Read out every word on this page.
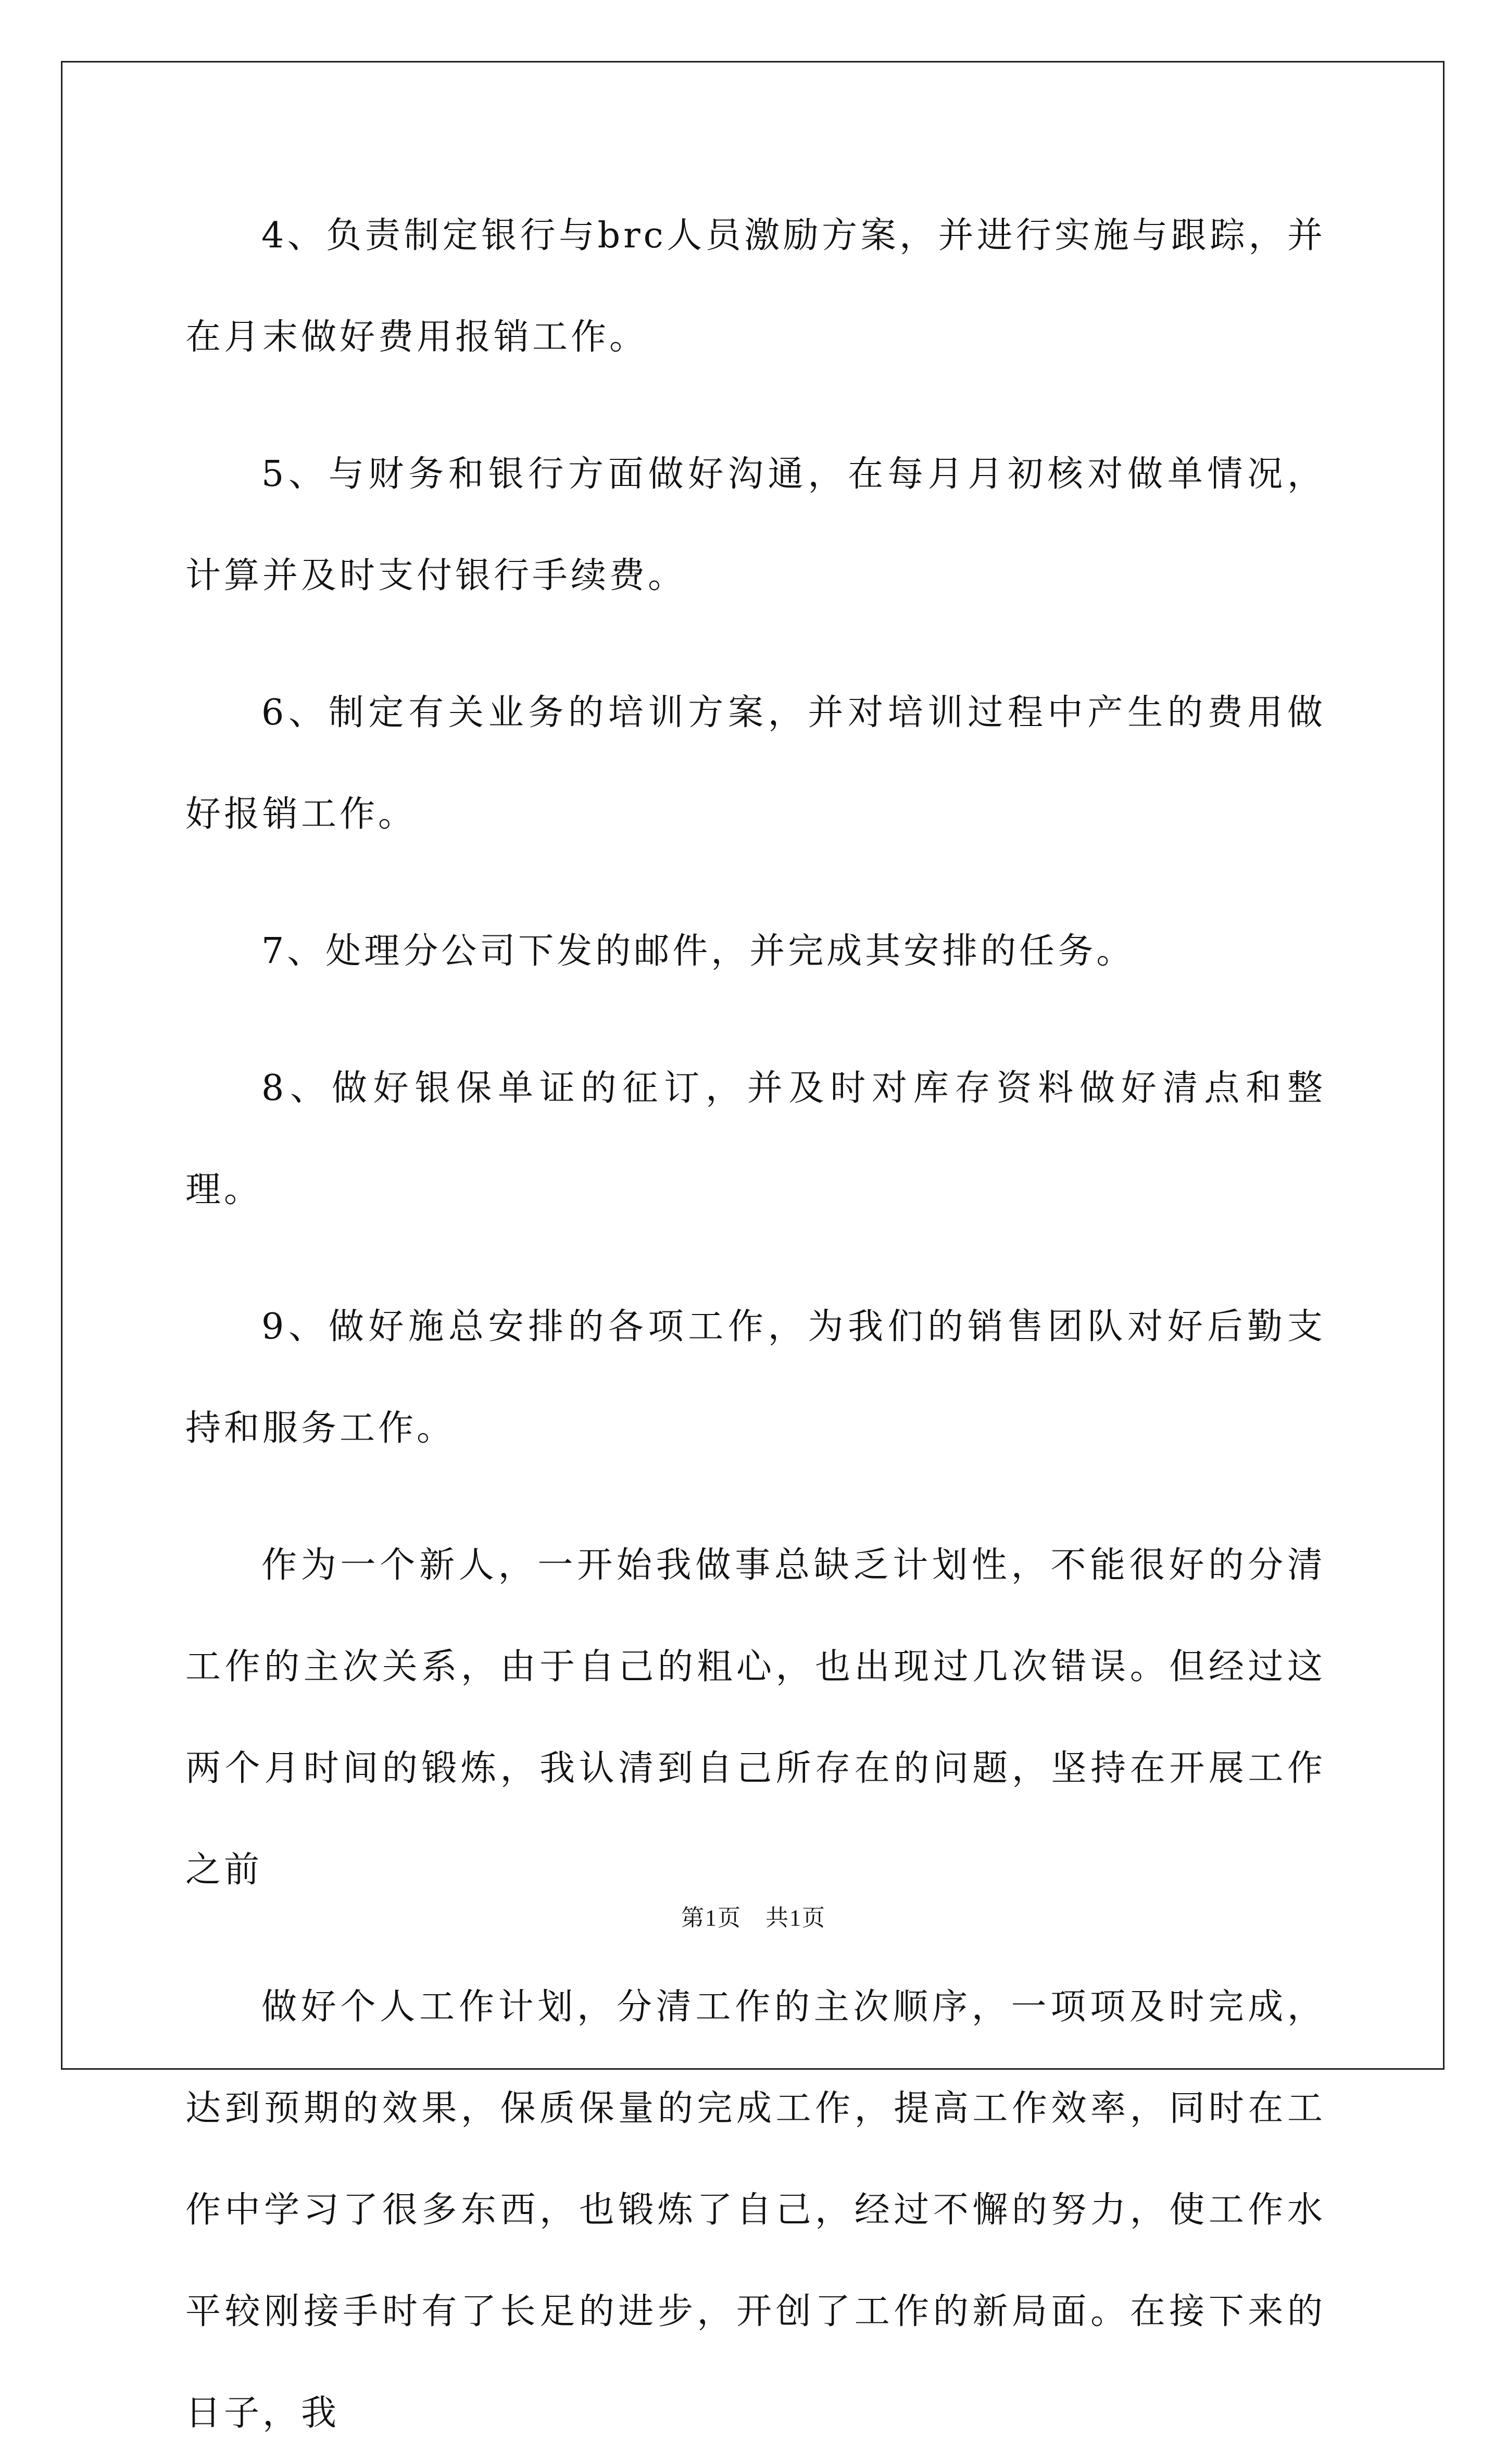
4、负责制定银行与brc人员激励方案，并进行实施与跟踪，并在月末做好费用报销工作。

5、与财务和银行方面做好沟通，在每月月初核对做单情况，计算并及时支付银行手续费。

6、制定有关业务的培训方案，并对培训过程中产生的费用做好报销工作。

7、处理分公司下发的邮件，并完成其安排的任务。

8、做好银保单证的征订，并及时对库存资料做好清点和整理。

9、做好施总安排的各项工作，为我们的销售团队对好后勤支持和服务工作。

作为一个新人，一开始我做事总缺乏计划性，不能很好的分清工作的主次关系，由于自己的粗心，也出现过几次错误。但经过这两个月时间的锻炼，我认清到自己所存在的问题，坚持在开展工作之前

做好个人工作计划，分清工作的主次顺序，一项项及时完成，达到预期的效果，保质保量的完成工作，提高工作效率，同时在工作中学习了很多东西，也锻炼了自己，经过不懈的努力，使工作水平较刚接手时有了长足的进步，开创了工作的新局面。在接下来的日子，我

第1页　共1页
